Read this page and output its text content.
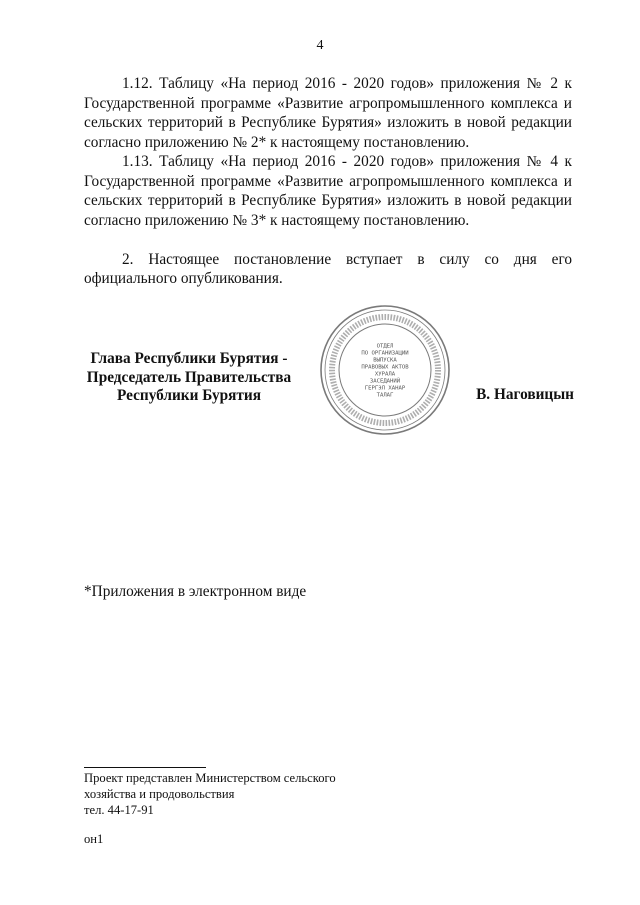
4

1.12. Таблицу «На период 2016 - 2020 годов» приложения № 2 к Государственной программе «Развитие агропромышленного комплекса и сельских территорий в Республике Бурятия» изложить в новой редакции согласно приложению № 2* к настоящему постановлению.

1.13. Таблицу «На период 2016 - 2020 годов» приложения № 4 к Государственной программе «Развитие агропромышленного комплекса и сельских территорий в Республике Бурятия» изложить в новой редакции согласно приложению № 3* к настоящему постановлению.

2. Настоящее постановление вступает в силу со дня его официального опубликования.

Глава Республики Бурятия -
Председатель Правительства
Республики Бурятия
ОТДЕЛ
ПО ОРГАНИЗАЦИИ
ВЫПУСКА
ПРАВОВЫХ АКТОВ
ХУРАЛА
ЗАСЕДАНИЙ
ГЕРГЭЛ ХАНАР
ТАЛАГ	В. Наговицын
*Приложения в электронном виде
Проект представлен Министерством сельского
хозяйства и продовольствия
тел. 44-17-91
он1
